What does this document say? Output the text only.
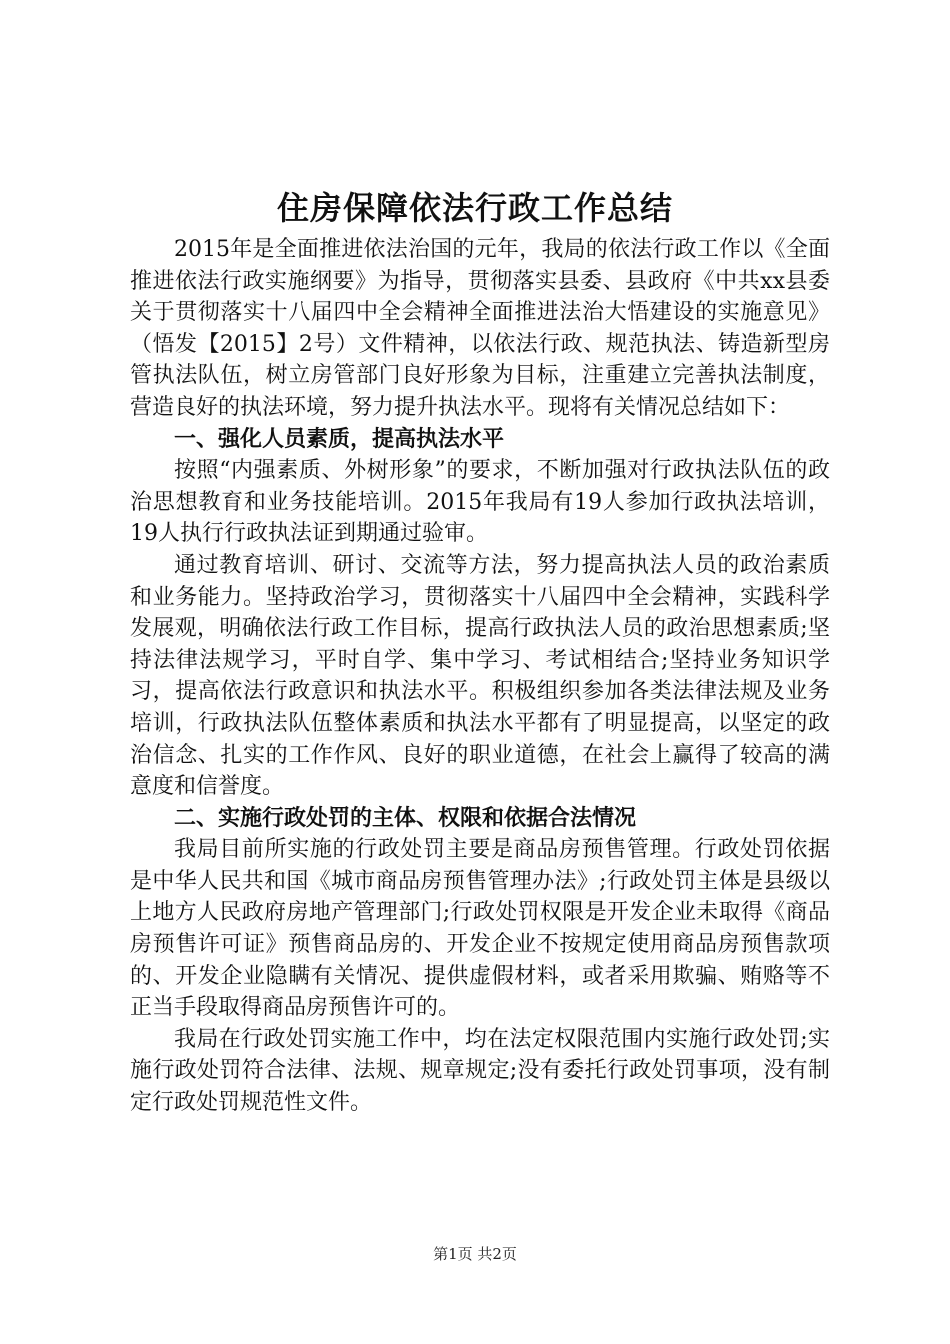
住房保障依法行政工作总结

2015年是全面推进依法治国的元年，我局的依法行政工作以《全面推进依法行政实施纲要》为指导，贯彻落实县委、县政府《中共xx县委关于贯彻落实十八届四中全会精神全面推进法治大悟建设的实施意见》（悟发【2015】2号）文件精神，以依法行政、规范执法、铸造新型房管执法队伍，树立房管部门良好形象为目标，注重建立完善执法制度，营造良好的执法环境，努力提升执法水平。现将有关情况总结如下：

一、强化人员素质，提高执法水平

按照“内强素质、外树形象”的要求，不断加强对行政执法队伍的政治思想教育和业务技能培训。2015年我局有19人参加行政执法培训，19人执行行政执法证到期通过验审。

通过教育培训、研讨、交流等方法，努力提高执法人员的政治素质和业务能力。坚持政治学习，贯彻落实十八届四中全会精神，实践科学发展观，明确依法行政工作目标，提高行政执法人员的政治思想素质;坚持法律法规学习，平时自学、集中学习、考试相结合;坚持业务知识学习，提高依法行政意识和执法水平。积极组织参加各类法律法规及业务培训，行政执法队伍整体素质和执法水平都有了明显提高，以坚定的政治信念、扎实的工作作风、良好的职业道德，在社会上赢得了较高的满意度和信誉度。

二、实施行政处罚的主体、权限和依据合法情况

我局目前所实施的行政处罚主要是商品房预售管理。行政处罚依据是中华人民共和国《城市商品房预售管理办法》;行政处罚主体是县级以上地方人民政府房地产管理部门;行政处罚权限是开发企业未取得《商品房预售许可证》预售商品房的、开发企业不按规定使用商品房预售款项的、开发企业隐瞒有关情况、提供虚假材料，或者采用欺骗、贿赂等不正当手段取得商品房预售许可的。

我局在行政处罚实施工作中，均在法定权限范围内实施行政处罚;实施行政处罚符合法律、法规、规章规定;没有委托行政处罚事项，没有制定行政处罚规范性文件。

第1页 共2页
